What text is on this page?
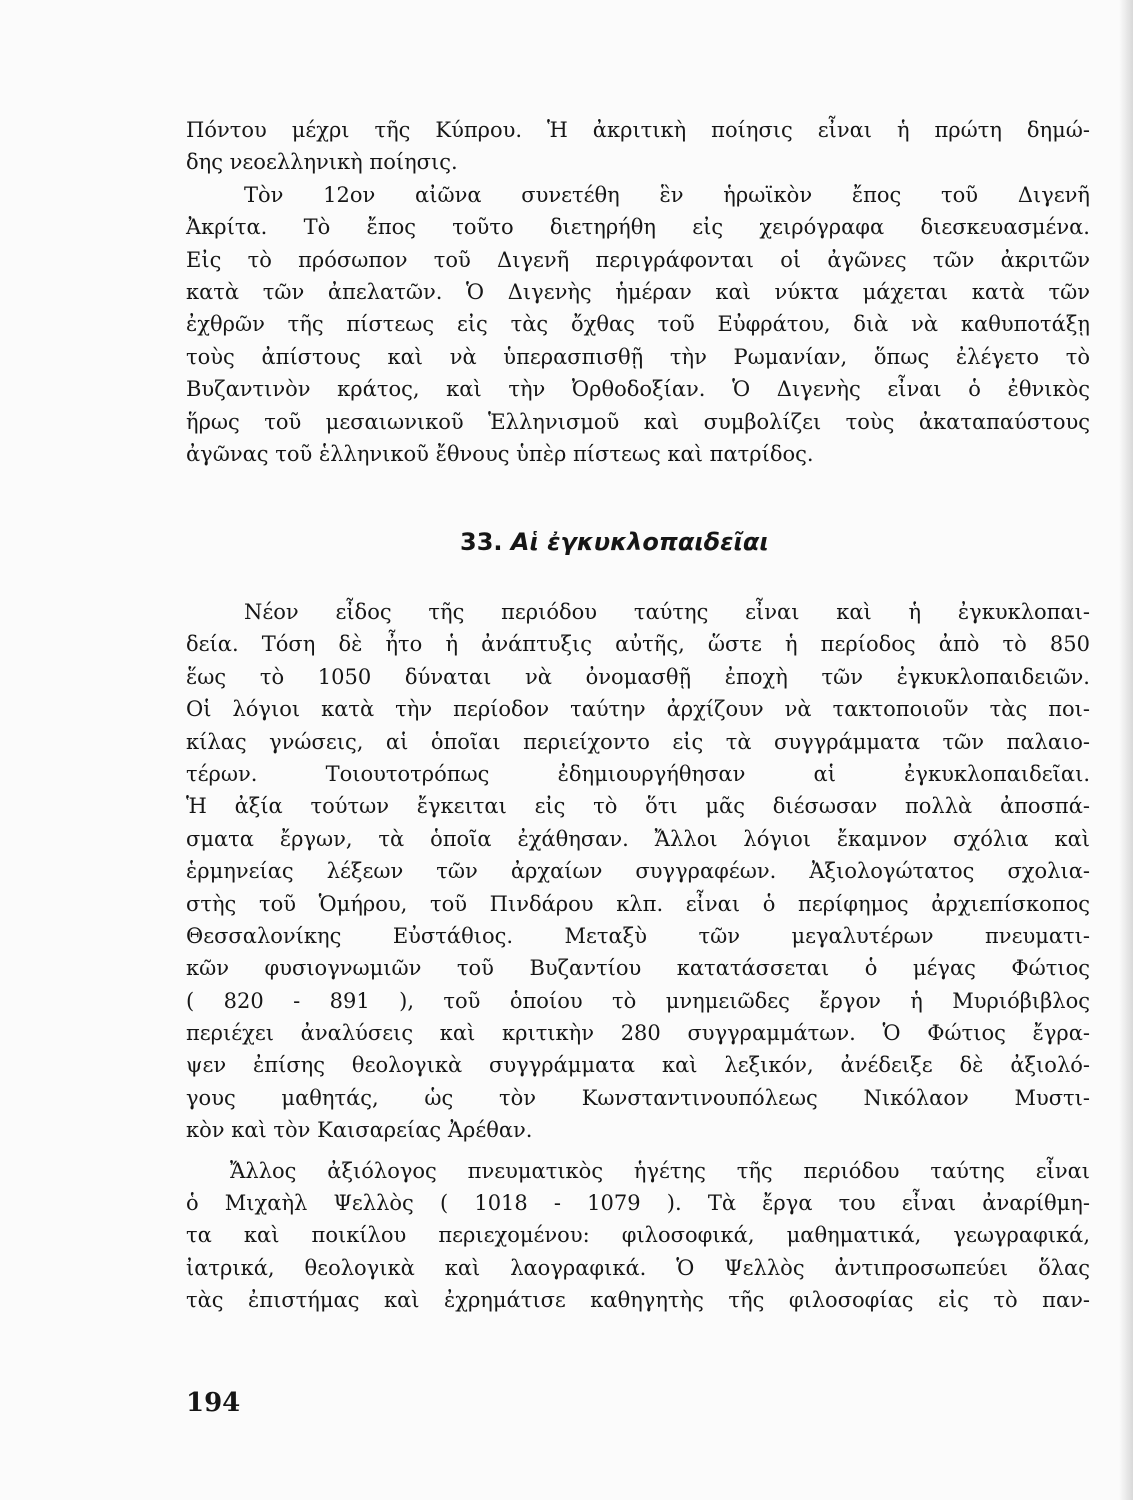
Πόντου μέχρι τῆς Κύπρου. Ἡ ἀκριτικὴ ποίησις εἶναι ἡ πρώτη δημώ-
δης νεοελληνικὴ ποίησις.
Τὸν 12ον αἰῶνα συνετέθη ἓν ἡρωϊκὸν ἔπος τοῦ Διγενῆ
Ἀκρίτα. Τὸ ἔπος τοῦτο διετηρήθη εἰς χειρόγραφα διεσκευασμένα.
Εἰς τὸ πρόσωπον τοῦ Διγενῆ περιγράφονται οἱ ἀγῶνες τῶν ἀκριτῶν
κατὰ τῶν ἀπελατῶν. Ὁ Διγενὴς ἡμέραν καὶ νύκτα μάχεται κατὰ τῶν
ἐχθρῶν τῆς πίστεως εἰς τὰς ὄχθας τοῦ Εὐφράτου, διὰ νὰ καθυποτάξῃ
τοὺς ἀπίστους καὶ νὰ ὑπερασπισθῇ τὴν Ρωμανίαν, ὅπως ἐλέγετο τὸ
Βυζαντινὸν κράτος, καὶ τὴν Ὀρθοδοξίαν. Ὁ Διγενὴς εἶναι ὁ ἐθνικὸς
ἥρως τοῦ μεσαιωνικοῦ Ἑλληνισμοῦ καὶ συμβολίζει τοὺς ἀκαταπαύστους
ἀγῶνας τοῦ ἑλληνικοῦ ἔθνους ὑπὲρ πίστεως καὶ πατρίδος.
33. Αἱ ἐγκυκλοπαιδεῖαι
Νέον εἶδος τῆς περιόδου ταύτης εἶναι καὶ ἡ ἐγκυκλοπαι-
δεία. Τόση δὲ ἦτο ἡ ἀνάπτυξις αὐτῆς, ὥστε ἡ περίοδος ἀπὸ τὸ 850
ἕως τὸ 1050 δύναται νὰ ὀνομασθῇ ἐποχὴ τῶν ἐγκυκλοπαιδειῶν.
Οἱ λόγιοι κατὰ τὴν περίοδον ταύτην ἀρχίζουν νὰ τακτοποιοῦν τὰς ποι-
κίλας γνώσεις, αἱ ὁποῖαι περιείχοντο εἰς τὰ συγγράμματα τῶν παλαιο-
τέρων. Τοιουτοτρόπως ἐδημιουργήθησαν αἱ ἐγκυκλοπαιδεῖαι.
Ἡ ἀξία τούτων ἔγκειται εἰς τὸ ὅτι μᾶς διέσωσαν πολλὰ ἀποσπά-
σματα ἔργων, τὰ ὁποῖα ἐχάθησαν. Ἄλλοι λόγιοι ἔκαμνον σχόλια καὶ
ἑρμηνείας λέξεων τῶν ἀρχαίων συγγραφέων. Ἀξιολογώτατος σχολια-
στὴς τοῦ Ὁμήρου, τοῦ Πινδάρου κλπ. εἶναι ὁ περίφημος ἀρχιεπίσκοπος
Θεσσαλονίκης Εὐστάθιος. Μεταξὺ τῶν μεγαλυτέρων πνευματι-
κῶν φυσιογνωμιῶν τοῦ Βυζαντίου κατατάσσεται ὁ μέγας Φώτιος
( 820 - 891 ), τοῦ ὁποίου τὸ μνημειῶδες ἔργον ἡ Μυριόβιβλος
περιέχει ἀναλύσεις καὶ κριτικὴν 280 συγγραμμάτων. Ὁ Φώτιος ἔγρα-
ψεν ἐπίσης θεολογικὰ συγγράμματα καὶ λεξικόν, ἀνέδειξε δὲ ἀξιολό-
γους μαθητάς, ὡς τὸν Κωνσταντινουπόλεως Νικόλαον Μυστι-
κὸν καὶ τὸν Καισαρείας Ἀρέθαν.
Ἄλλος ἀξιόλογος πνευματικὸς ἡγέτης τῆς περιόδου ταύτης εἶναι
ὁ Μιχαὴλ Ψελλὸς ( 1018 - 1079 ). Τὰ ἔργα του εἶναι ἀναρίθμη-
τα καὶ ποικίλου περιεχομένου: φιλοσοφικά, μαθηματικά, γεωγραφικά,
ἰατρικά, θεολογικὰ καὶ λαογραφικά. Ὁ Ψελλὸς ἀντιπροσωπεύει ὅλας
τὰς ἐπιστήμας καὶ ἐχρημάτισε καθηγητὴς τῆς φιλοσοφίας εἰς τὸ παν-
194
